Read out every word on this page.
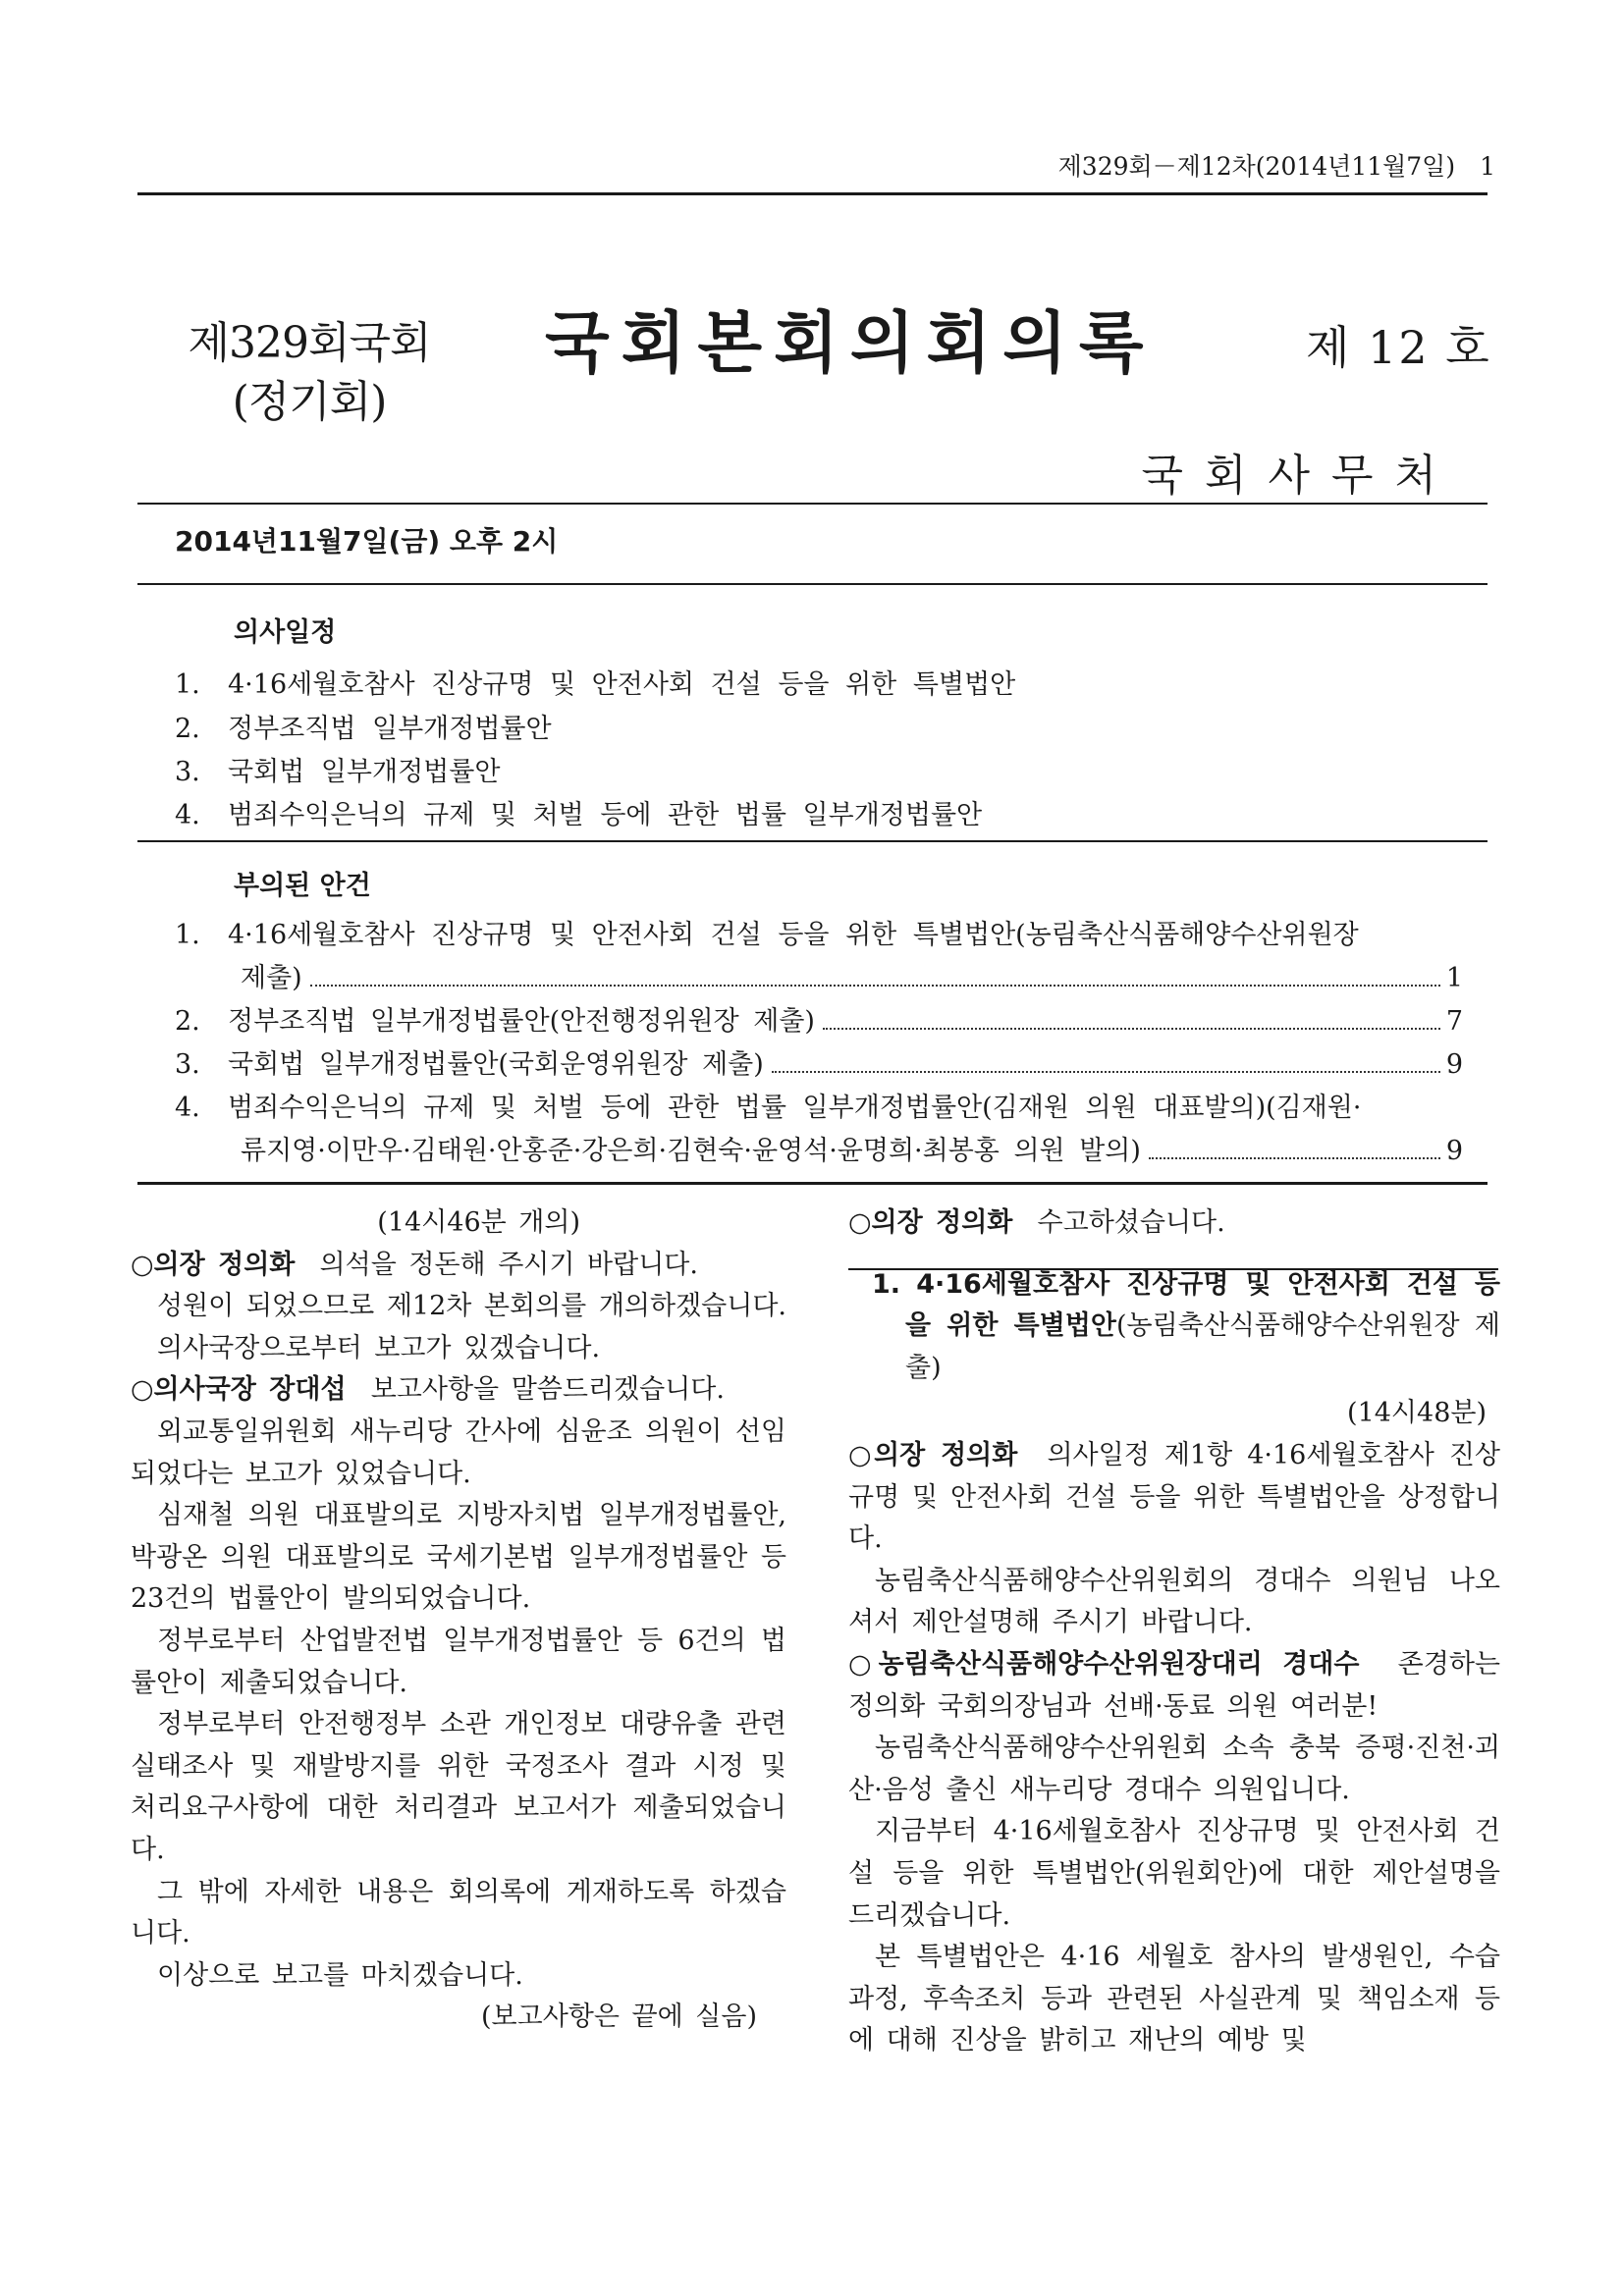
제329회－제12차(2014년11월7일)　1
제329회국회
(정기회)
국회본회의회의록	제 12 호
국회사무처
2014년11월7일(금) 오후 2시
의사일정
1. 4·16세월호참사 진상규명 및 안전사회 건설 등을 위한 특별법안
2. 정부조직법 일부개정법률안
3. 국회법 일부개정법률안
4. 범죄수익은닉의 규제 및 처벌 등에 관한 법률 일부개정법률안
부의된 안건
1. 4·16세월호참사 진상규명 및 안전사회 건설 등을 위한 특별법안(농림축산식품해양수산위원장
제출)	1
2.	정부조직법 일부개정법률안(안전행정위원장 제출)	7
3.	국회법 일부개정법률안(국회운영위원장 제출)	9
4. 범죄수익은닉의 규제 및 처벌 등에 관한 법률 일부개정법률안(김재원 의원 대표발의)(김재원·
류지영·이만우·김태원·안홍준·강은희·김현숙·윤영석·윤명희·최봉홍 의원 발의)	9

(14시46분 개의)

○의장 정의화 의석을 정돈해 주시기 바랍니다.

성원이 되었으므로 제12차 본회의를 개의하겠습니다.

의사국장으로부터 보고가 있겠습니다.

○의사국장 장대섭 보고사항을 말씀드리겠습니다.

외교통일위원회 새누리당 간사에 심윤조 의원이 선임되었다는 보고가 있었습니다.

심재철 의원 대표발의로 지방자치법 일부개정법률안, 박광온 의원 대표발의로 국세기본법 일부개정법률안 등 23건의 법률안이 발의되었습니다.

정부로부터 산업발전법 일부개정법률안 등 6건의 법률안이 제출되었습니다.

정부로부터 안전행정부 소관 개인정보 대량유출 관련 실태조사 및 재발방지를 위한 국정조사 결과 시정 및 처리요구사항에 대한 처리결과 보고서가 제출되었습니다.

그 밖에 자세한 내용은 회의록에 게재하도록 하겠습니다.

이상으로 보고를 마치겠습니다.

(보고사항은 끝에 실음)

○의장 정의화 수고하셨습니다.

1. 4·16세월호참사 진상규명 및 안전사회 건설 등을 위한 특별법안(농림축산식품해양수산위원장 제출)

(14시48분)

○의장 정의화 의사일정 제1항 4·16세월호참사 진상규명 및 안전사회 건설 등을 위한 특별법안을 상정합니다.

농림축산식품해양수산위원회의 경대수 의원님 나오셔서 제안설명해 주시기 바랍니다.

○농림축산식품해양수산위원장대리 경대수 존경하는 정의화 국회의장님과 선배·동료 의원 여러분!

농림축산식품해양수산위원회 소속 충북 증평·진천·괴산·음성 출신 새누리당 경대수 의원입니다.

지금부터 4·16세월호참사 진상규명 및 안전사회 건설 등을 위한 특별법안(위원회안)에 대한 제안설명을 드리겠습니다.

본 특별법안은 4·16 세월호 참사의 발생원인, 수습과정, 후속조치 등과 관련된 사실관계 및 책임소재 등에 대해 진상을 밝히고 재난의 예방 및
